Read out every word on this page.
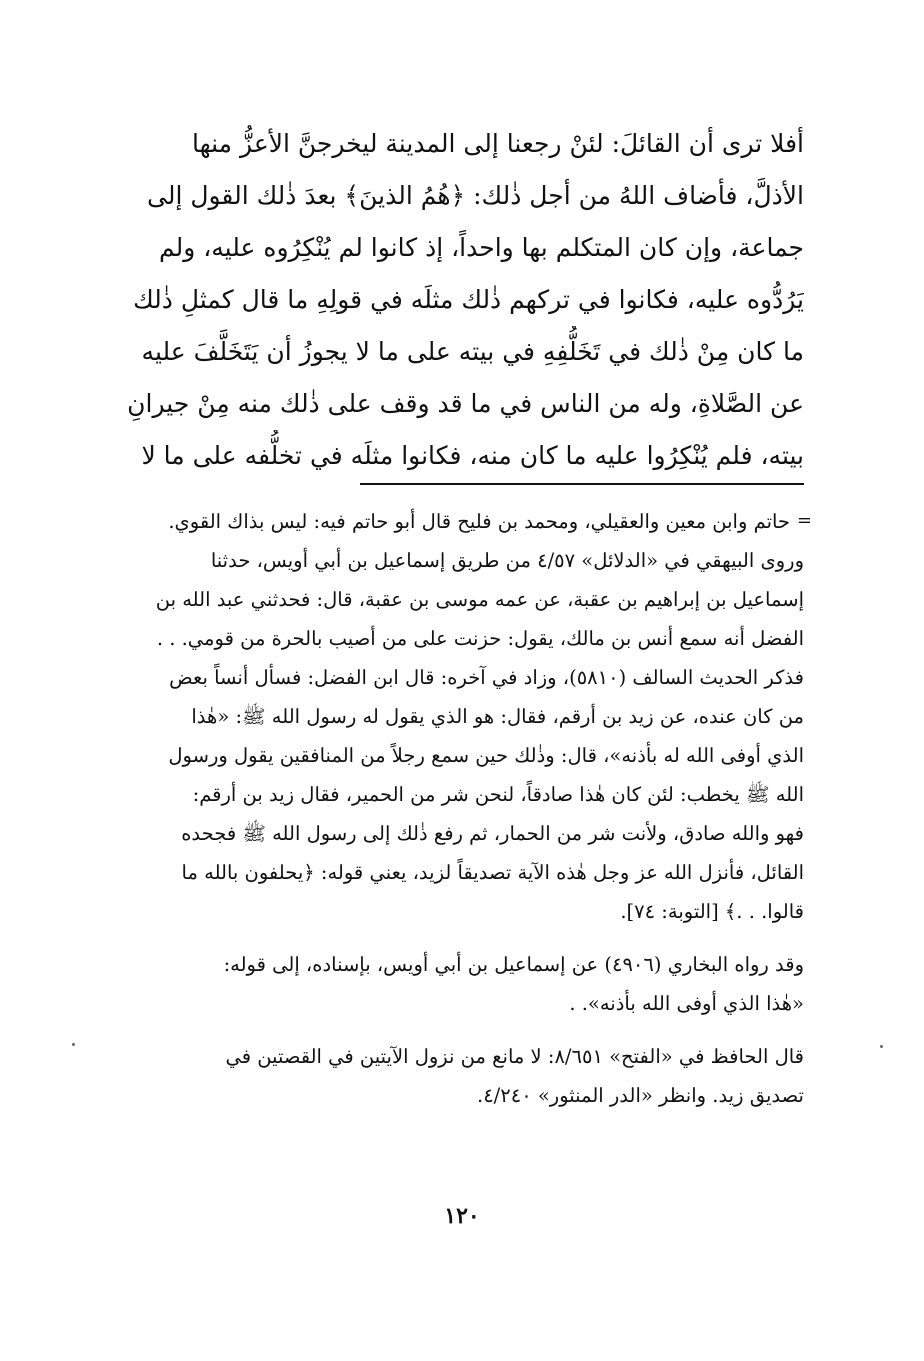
أفلا ترى أن القائلَ: لئنْ رجعنا إلى المدينة ليخرجنَّ الأعزُّ منها
الأذلَّ، فأضاف اللهُ من أجل ذٰلك: ﴿هُمُ الذينَ﴾ بعدَ ذٰلك القول إلى
جماعة، وإن كان المتكلم بها واحداً، إذ كانوا لم يُنْكِرُوه عليه، ولم
يَرُدُّوه عليه، فكانوا في تركهم ذٰلك مثلَه في قولِهِ ما قال كمثلِ ذٰلك
ما كان مِنْ ذٰلك في تَخَلُّفِهِ في بيته على ما لا يجوزُ أن يَتَخَلَّفَ عليه
عن الصَّلاةِ، وله من الناس في ما قد وقف على ذٰلك منه مِنْ جيرانِ
بيته، فلم يُنْكِرُوا عليه ما كان منه، فكانوا مثلَه في تخلُّفه على ما لا
=
حاتم وابن معين والعقيلي، ومحمد بن فليح قال أبو حاتم فيه: ليس بذاك القوي.
وروى البيهقي في «الدلائل» ٤/٥٧ من طريق إسماعيل بن أبي أويس، حدثنا
إسماعيل بن إبراهيم بن عقبة، عن عمه موسى بن عقبة، قال: فحدثني عبد الله بن
الفضل أنه سمع أنس بن مالك، يقول: حزنت على من أصيب بالحرة من قومي. . .
فذكر الحديث السالف (٥٨١٠)، وزاد في آخره: قال ابن الفضل: فسأل أنساً بعض
من كان عنده، عن زيد بن أرقم، فقال: هو الذي يقول له رسول الله ﷺ: «هٰذا
الذي أوفى الله له بأذنه»، قال: وذٰلك حين سمع رجلاً من المنافقين يقول ورسول
الله ﷺ يخطب: لئن كان هٰذا صادقاً، لنحن شر من الحمير، فقال زيد بن أرقم:
فهو والله صادق، ولأنت شر من الحمار، ثم رفع ذٰلك إلى رسول الله ﷺ فجحده
القائل، فأنزل الله عز وجل هٰذه الآية تصديقاً لزيد، يعني قوله: ﴿يحلفون بالله ما
قالوا. . .﴾ [التوبة: ٧٤].
وقد رواه البخاري (٤٩٠٦) عن إسماعيل بن أبي أويس، بإسناده، إلى قوله:
«هٰذا الذي أوفى الله بأذنه». .
قال الحافظ في «الفتح» ٨/٦٥١: لا مانع من نزول الآيتين في القصتين في
تصديق زيد. وانظر «الدر المنثور» ٤/٢٤٠.
١٢٠
